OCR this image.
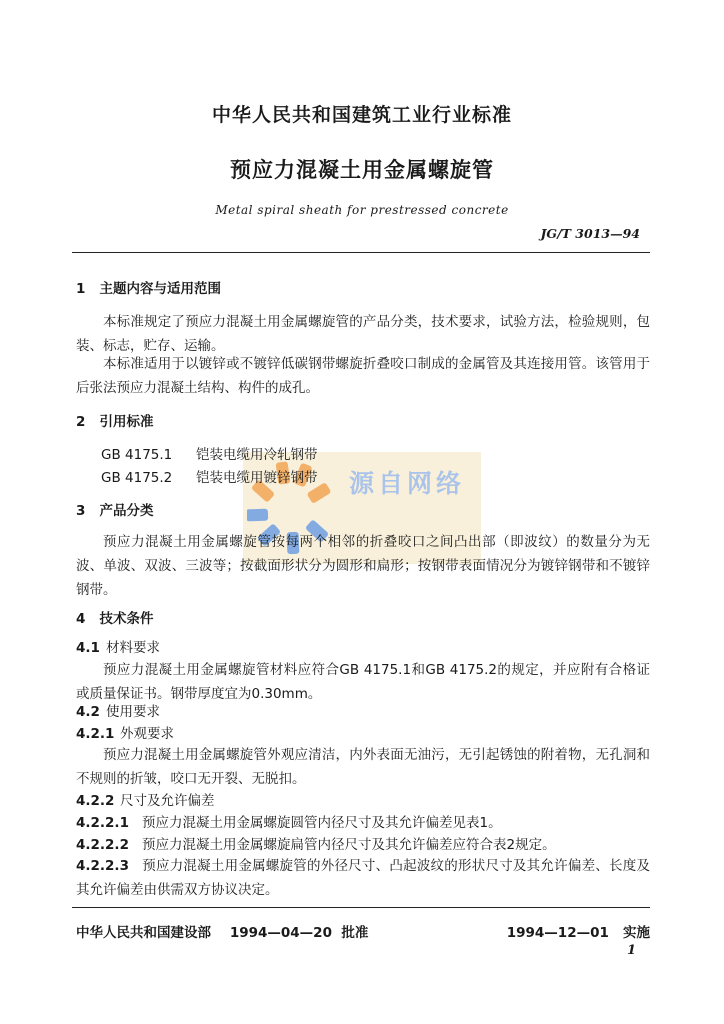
源自网络
中华人民共和国建筑工业行业标准
预应力混凝土用金属螺旋管
Metal spiral sheath for prestressed concrete
JG/T 3013—94
1 主题内容与适用范围
本标准规定了预应力混凝土用金属螺旋管的产品分类，技术要求，试验方法，检验规则，包装、标志，贮存、运输。
本标准适用于以镀锌或不镀锌低碳钢带螺旋折叠咬口制成的金属管及其连接用管。该管用于后张法预应力混凝土结构、构件的成孔。
2 引用标准
GB 4175.1 铠装电缆用冷轧钢带
GB 4175.2 铠装电缆用镀锌钢带
3 产品分类
预应力混凝土用金属螺旋管按每两个相邻的折叠咬口之间凸出部（即波纹）的数量分为无波、单波、双波、三波等；按截面形状分为圆形和扁形；按钢带表面情况分为镀锌钢带和不镀锌钢带。
4 技术条件
4.1 材料要求
预应力混凝土用金属螺旋管材料应符合GB 4175.1和GB 4175.2的规定，并应附有合格证或质量保证书。钢带厚度宜为0.30mm。
4.2 使用要求
4.2.1 外观要求
预应力混凝土用金属螺旋管外观应清洁，内外表面无油污，无引起锈蚀的附着物，无孔洞和不规则的折皱，咬口无开裂、无脱扣。
4.2.2 尺寸及允许偏差
4.2.2.1 预应力混凝土用金属螺旋圆管内径尺寸及其允许偏差见表1。
4.2.2.2 预应力混凝土用金属螺旋扁管内径尺寸及其允许偏差应符合表2规定。
4.2.2.3 预应力混凝土用金属螺旋管的外径尺寸、凸起波纹的形状尺寸及其允许偏差、长度及其允许偏差由供需双方协议决定。
中华人民共和国建设部 1994—04—20 批准	1994—12—01 实施
1
